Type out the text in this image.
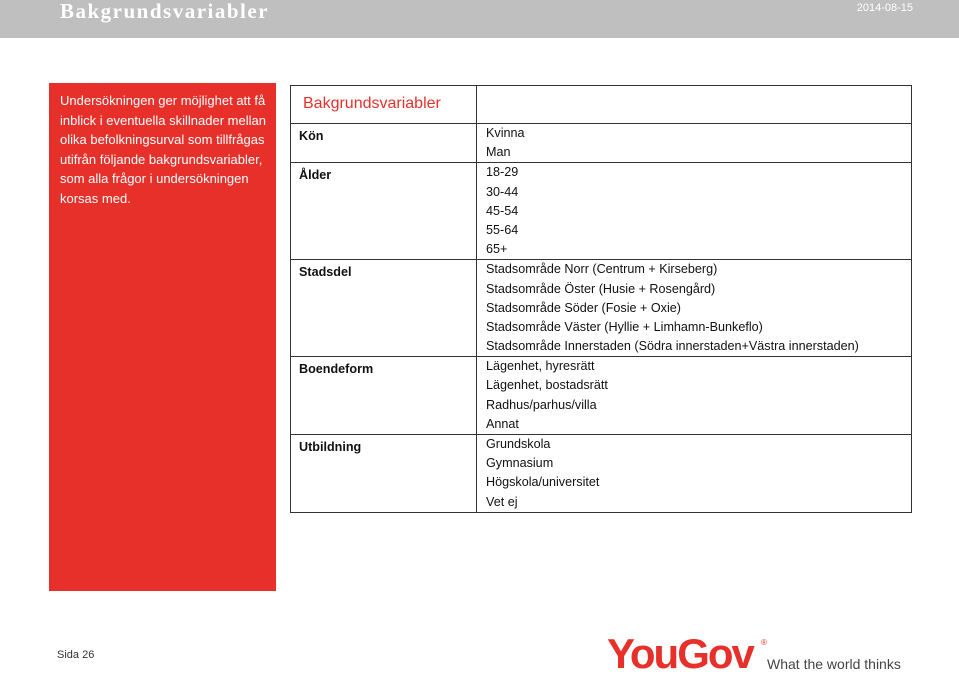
Bakgrundsvariabler	2014-08-15
Undersökningen ger möjlighet att få inblick i eventuella skillnader mellan olika befolkningsurval som tillfrågas utifrån följande bakgrundsvariabler, som alla frågor i undersökningen korsas med.
Bakgrundsvariabler	

Kön	Kvinna
Man

Ålder	18-29
30-44
45-54
55-64
65+

Stadsdel	Stadsområde Norr (Centrum + Kirseberg)
Stadsområde Öster (Husie + Rosengård)
Stadsområde Söder (Fosie + Oxie)
Stadsområde Väster (Hyllie + Limhamn-Bunkeflo)
Stadsområde Innerstaden (Södra innerstaden+Västra innerstaden)

Boendeform	Lägenhet, hyresrätt
Lägenhet, bostadsrätt
Radhus/parhus/villa
Annat

Utbildning	Grundskola
Gymnasium
Högskola/universitet
Vet ej
Sida 26	YouGov	®
What the world thinks
